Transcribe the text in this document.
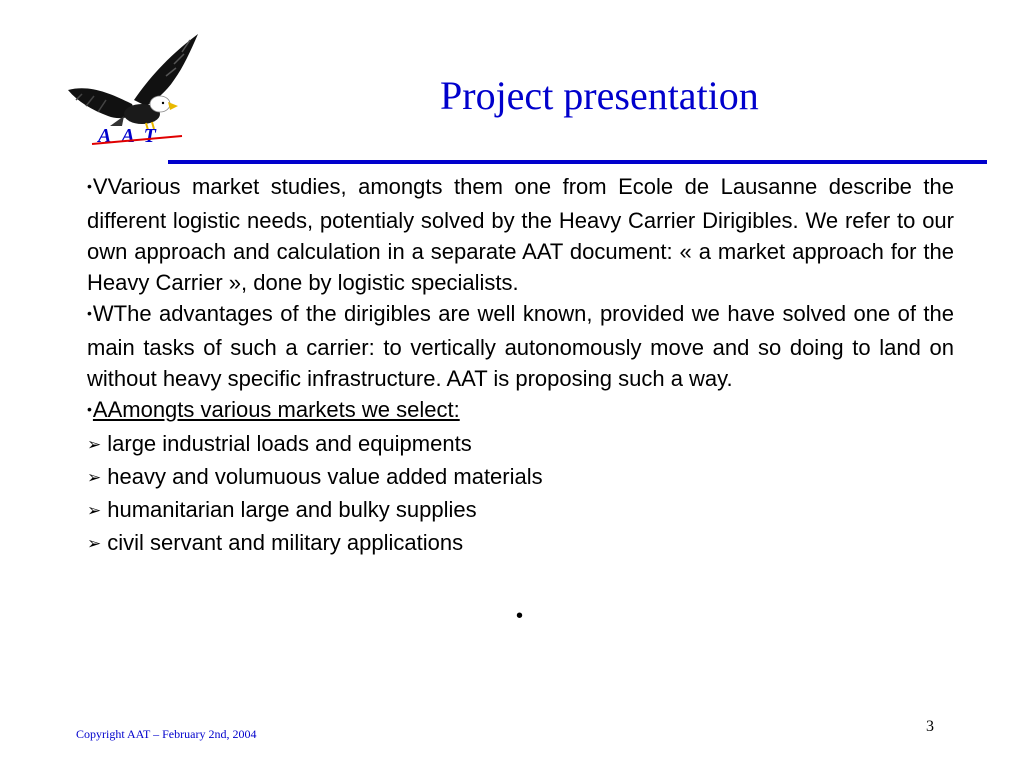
AAT
Project presentation

•VVarious market studies, amongts them one from Ecole de Lausanne describe the different logistic needs, potentialy solved by the Heavy Carrier Dirigibles. We refer to our own approach and calculation in a separate AAT document: « a market approach for the Heavy Carrier », done by logistic specialists.

•WThe advantages of the dirigibles are well known, provided we have solved one of the main tasks of such a carrier: to vertically autonomously move and so doing to land on without heavy specific infrastructure. AAT is proposing such a way.

•AAmongts various markets we select:

➢ large industrial loads and equipments

➢ heavy and volumuous value added materials

➢ humanitarian large and bulky supplies

➢ civil servant and military applications

•
Copyright AAT – February 2nd, 2004	3
